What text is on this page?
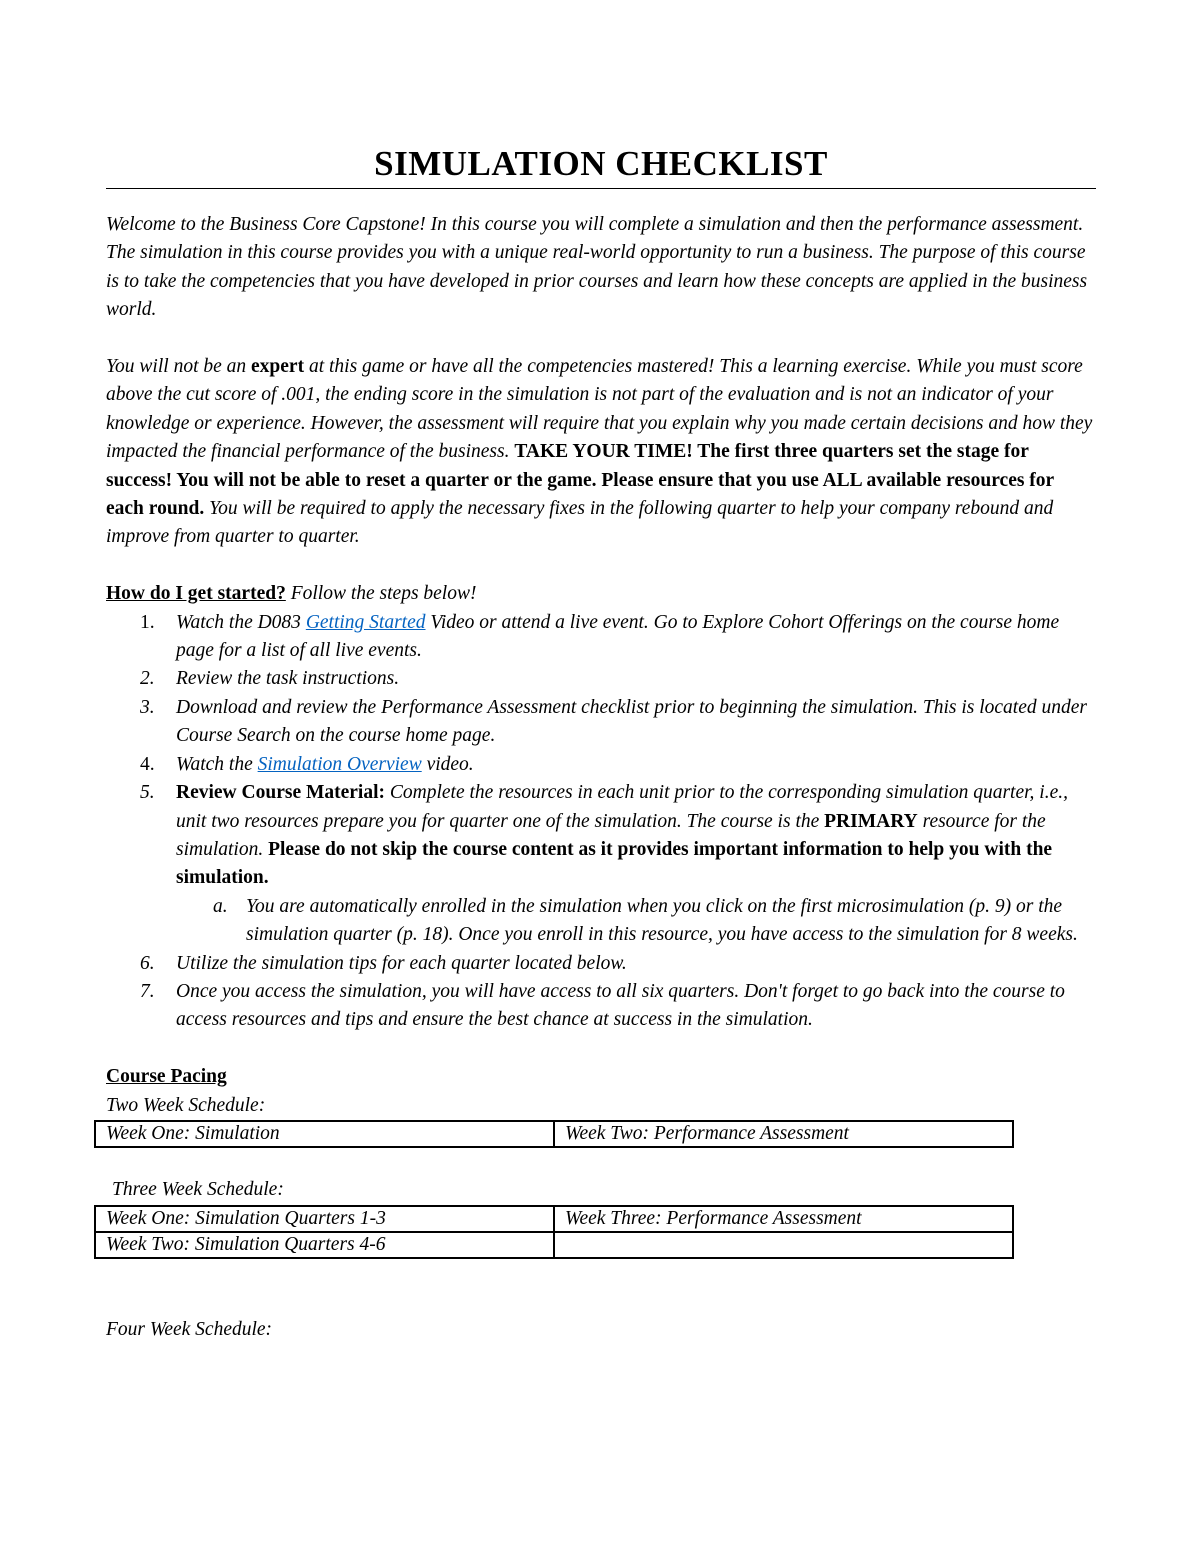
SIMULATION CHECKLIST

Welcome to the Business Core Capstone! In this course you will complete a simulation and then the performance assessment. The simulation in this course provides you with a unique real-world opportunity to run a business. The purpose of this course is to take the competencies that you have developed in prior courses and learn how these concepts are applied in the business world.

You will not be an expert at this game or have all the competencies mastered! This a learning exercise. While you must score above the cut score of .001, the ending score in the simulation is not part of the evaluation and is not an indicator of your knowledge or experience. However, the assessment will require that you explain why you made certain decisions and how they impacted the financial performance of the business. TAKE YOUR TIME! The first three quarters set the stage for success! You will not be able to reset a quarter or the game. Please ensure that you use ALL available resources for each round. You will be required to apply the necessary fixes in the following quarter to help your company rebound and improve from quarter to quarter.

How do I get started? Follow the steps below!

1. Watch the D083 Getting Started Video or attend a live event. Go to Explore Cohort Offerings on the course home page for a list of all live events.
2. Review the task instructions.
3. Download and review the Performance Assessment checklist prior to beginning the simulation. This is located under Course Search on the course home page.
4. Watch the Simulation Overview video.
5. Review Course Material: Complete the resources in each unit prior to the corresponding simulation quarter, i.e., unit two resources prepare you for quarter one of the simulation. The course is the PRIMARY resource for the simulation. Please do not skip the course content as it provides important information to help you with the simulation.
a. You are automatically enrolled in the simulation when you click on the first microsimulation (p. 9) or the simulation quarter (p. 18). Once you enroll in this resource, you have access to the simulation for 8 weeks.
6. Utilize the simulation tips for each quarter located below.
7. Once you access the simulation, you will have access to all six quarters. Don't forget to go back into the course to access resources and tips and ensure the best chance at success in the simulation.

Course Pacing

Two Week Schedule:

Week One: Simulation	Week Two: Performance Assessment

Three Week Schedule:

Week One: Simulation Quarters 1-3	Week Three: Performance Assessment
Week Two: Simulation Quarters 4-6	

Four Week Schedule:
